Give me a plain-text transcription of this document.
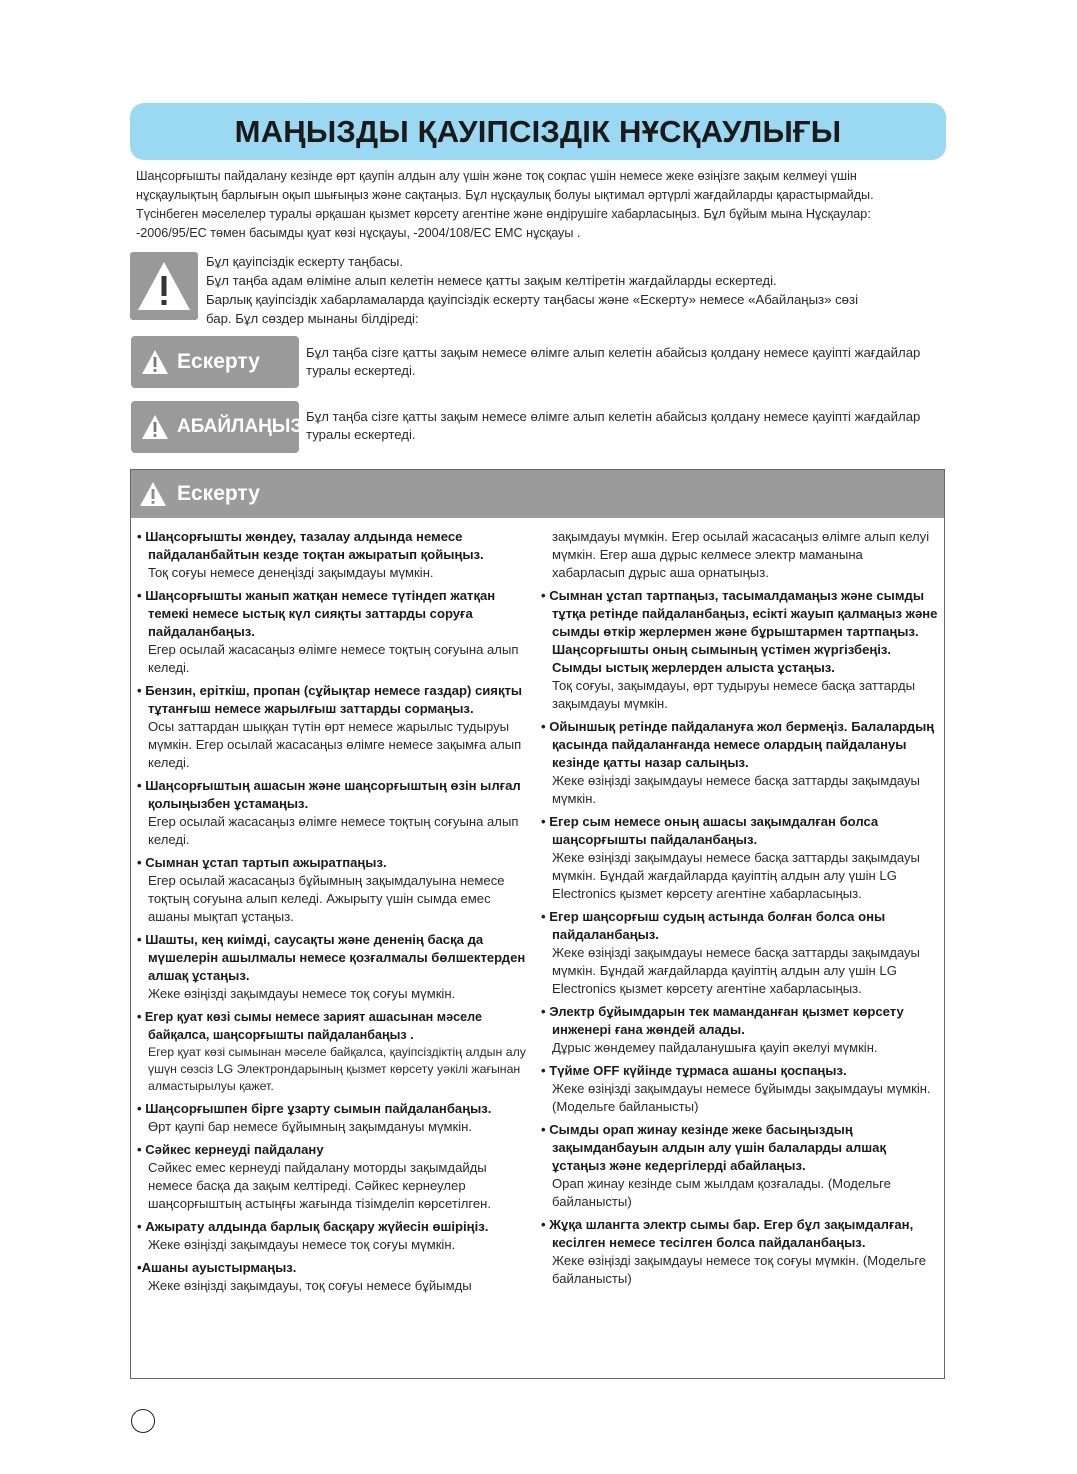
МАҢЫЗДЫ ҚАУІПСІЗДІК НҰСҚАУЛЫҒЫ

Шаңсорғышты пайдалану кезінде өрт қаупін алдын алу үшін және тоқ соқпас үшін немесе жеке өзіңізге зақым келмеуі үшін

нұсқаулықтың барлығын оқып шығыңыз және сақтаңыз. Бұл нұсқаулық болуы ықтимал әртүрлі жағдайларды қарастырмайды.

Түсінбеген мәселелер туралы әрқашан қызмет көрсету агентіне және өндірушіге хабарласыңыз. Бұл бұйым мына Нұсқаулар:

-2006/95/EC төмен басымды қуат көзі нұсқауы, -2004/108/EC EMC нұсқауы .

Бұл қауіпсіздік ескерту таңбасы.

Бұл таңба адам өліміне алып келетін немесе қатты зақым келтіретін жағдайларды ескертеді.

Барлық қауіпсіздік хабарламаларда қауіпсіздік ескерту таңбасы және «Ескерту» немесе «Абайлаңыз» сөзі

бар. Бұл сөздер мынаны білдіреді:

Ескерту	Бұл таңба сізге қатты зақым немесе өлімге алып келетін абайсыз қолдану немесе қауіпті жағдайлар туралы ескертеді.
АБАЙЛАҢЫЗ Бұл таңба сізге қатты зақым немесе өлімге алып келетін абайсыз қолдану немесе қауіпті жағдайлар туралы ескертеді.
Ескерту
• Шаңсорғышты жөндеу, тазалау алдында немесе пайдаланбайтын кезде тоқтан ажыратып қойыңыз.
Тоқ соғуы немесе денеңізді зақымдауы мүмкін.
• Шаңсорғышты жанып жатқан немесе түтіндеп жатқан темекі немесе ыстық күл сияқты заттарды соруға пайдаланбаңыз.
Егер осылай жасасаңыз өлімге немесе тоқтың соғуына алып келеді.
• Бензин, еріткіш, пропан (сұйықтар немесе газдар) сияқты тұтанғыш немесе жарылғыш заттарды сормаңыз.
Осы заттардан шыққан түтін өрт немесе жарылыс тудыруы мүмкін. Егер осылай жасасаңыз өлімге немесе зақымға алып келеді.
• Шаңсорғыштың ашасын және шаңсорғыштың өзін ылғал қолыңызбен ұстамаңыз.
Егер осылай жасасаңыз өлімге немесе тоқтың соғуына алып келеді.
• Сымнан ұстап тартып ажыратпаңыз.
Егер осылай жасасаңыз бұйымның зақымдалуына немесе тоқтың соғуына алып келеді. Ажырыту үшін сымда емес ашаны мықтап ұстаңыз.
• Шашты, кең киімді, саусақты және дененің басқа да мүшелерін ашылмалы немесе қозғалмалы бөлшектерден алшақ ұстаңыз.
Жеке өзіңізді зақымдауы немесе тоқ соғуы мүмкін.
• Егер қуат көзі сымы немесе зарият ашасынан мәселе байқалса, шаңсорғышты пайдаланбаңыз .
Егер қуат көзі сымынан мәселе байқалса, қауіпсіздіктің алдын алу үшүн сөзсіз LG Электрондарының қызмет көрсету уәкілі жағынан алмастырылуы қажет.
• Шаңсорғышпен бірге ұзарту сымын пайдаланбаңыз.
Өрт қаупі бар немесе бұйымның зақымдануы мүмкін.
• Сәйкес кернеуді пайдалану
Сәйкес емес кернеуді пайдалану моторды зақымдайды немесе басқа да зақым келтіреді. Сәйкес кернеулер шаңсорғыштың астыңғы жағында тізімделіп көрсетілген.
• Ажырату алдында барлық басқару жүйесін өшіріңіз.
Жеке өзіңізді зақымдауы немесе тоқ соғуы мүмкін.
•Ашаны ауыстырмаңыз.
Жеке өзіңізді зақымдауы, тоқ соғуы немесе бұйымды
зақымдауы мүмкін. Егер осылай жасасаңыз өлімге алып келуі мүмкін. Егер аша дұрыс келмесе электр маманына хабарласып дұрыс аша орнатыңыз.
• Сымнан ұстап тартпаңыз, тасымалдамаңыз және сымды тұтқа ретінде пайдаланбаңыз, есікті жауып қалмаңыз және сымды өткір жерлермен және бұрыштармен тартпаңыз. Шаңсорғышты оның сымының үстімен жүргізбеңіз. Сымды ыстық жерлерден алыста ұстаңыз.
Тоқ соғуы, зақымдауы, өрт тудыруы немесе басқа заттарды зақымдауы мүмкін.
• Ойыншық ретінде пайдалануға жол бермеңіз. Балалардың қасында пайдаланғанда немесе олардың пайдалануы кезінде қатты назар салыңыз.
Жеке өзіңізді зақымдауы немесе басқа заттарды зақымдауы мүмкін.
• Егер сым немесе оның ашасы зақымдалған болса шаңсорғышты пайдаланбаңыз.
Жеке өзіңізді зақымдауы немесе басқа заттарды зақымдауы мүмкін. Бұндай жағдайларда қауіптің алдын алу үшін LG Electronics қызмет көрсету агентіне хабарласыңыз.
• Егер шаңсорғыш судың астында болған болса оны пайдаланбаңыз.
Жеке өзіңізді зақымдауы немесе басқа заттарды зақымдауы мүмкін. Бұндай жағдайларда қауіптің алдын алу үшін LG Electronics қызмет көрсету агентіне хабарласыңыз.
• Электр бұйымдарын тек маманданған қызмет көрсету инженері ғана жөндей алады.
Дұрыс жөндемеу пайдаланушыға қауіп әкелуі мүмкін.
• Түйме OFF күйінде тұрмаса ашаны қоспаңыз.
Жеке өзіңізді зақымдауы немесе бұйымды зақымдауы мүмкін. (Модельге байланысты)
• Сымды орап жинау кезінде жеке басыңыздың зақымданбауын алдын алу үшін балаларды алшақ ұстаңыз және кедергілерді абайлаңыз.
Орап жинау кезінде сым жылдам қозғалады. (Модельге байланысты)
• Жұқа шлангта электр сымы бар. Егер бұл зақымдалған, кесілген немесе тесілген болса пайдаланбаңыз.
Жеке өзіңізді зақымдауы немесе тоқ соғуы мүмкін. (Модельге байланысты)
